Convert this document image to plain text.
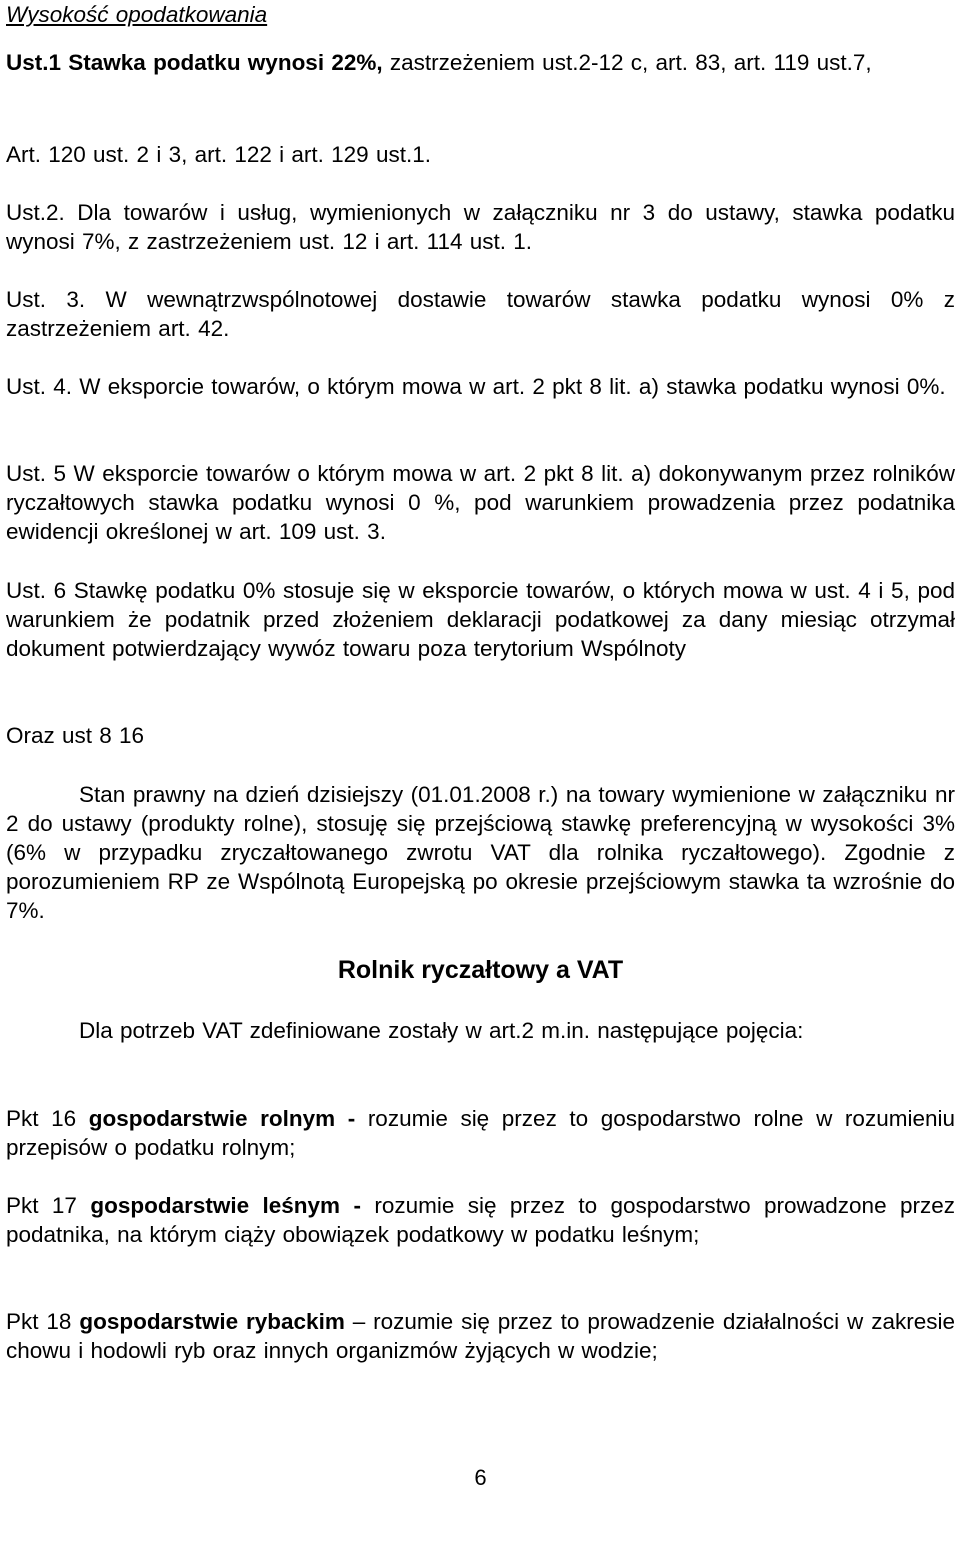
Wysokość opodatkowania

Ust.1 Stawka podatku wynosi 22%, zastrzeżeniem ust.2-12 c, art. 83, art. 119 ust.7,

Art. 120 ust. 2 i 3, art. 122 i art. 129 ust.1.

Ust.2. Dla towarów i usług, wymienionych w załączniku nr 3 do ustawy, stawka podatku wynosi 7%, z zastrzeżeniem ust. 12 i art. 114 ust. 1.

Ust. 3. W wewnątrzwspólnotowej dostawie towarów stawka podatku wynosi 0% z zastrzeżeniem art. 42.

Ust. 4. W eksporcie towarów, o którym mowa w art. 2 pkt 8 lit. a) stawka podatku wynosi 0%.

Ust. 5 W eksporcie towarów o którym mowa w art. 2 pkt 8 lit. a) dokonywanym przez rolników ryczałtowych stawka podatku wynosi 0 %, pod warunkiem prowadzenia przez podatnika ewidencji określonej w art. 109 ust. 3.

Ust. 6 Stawkę podatku 0% stosuje się w eksporcie towarów, o których mowa w ust. 4 i 5, pod warunkiem że podatnik przed złożeniem deklaracji podatkowej za dany miesiąc otrzymał dokument potwierdzający wywóz towaru poza terytorium Wspólnoty

Oraz ust 8 16

Stan prawny na dzień dzisiejszy (01.01.2008 r.) na towary wymienione w załączniku nr 2 do ustawy (produkty rolne), stosuję się przejściową stawkę preferencyjną w wysokości 3% (6% w przypadku zryczałtowanego zwrotu VAT dla rolnika ryczałtowego). Zgodnie z porozumieniem RP ze Wspólnotą Europejską po okresie przejściowym stawka ta wzrośnie do 7%.

Rolnik ryczałtowy a VAT

Dla potrzeb VAT zdefiniowane zostały w art.2 m.in. następujące pojęcia:

Pkt 16 gospodarstwie rolnym - rozumie się przez to gospodarstwo rolne w rozumieniu przepisów o podatku rolnym;

Pkt 17 gospodarstwie leśnym - rozumie się przez to gospodarstwo prowadzone przez podatnika, na którym ciąży obowiązek podatkowy w podatku leśnym;

Pkt 18 gospodarstwie rybackim – rozumie się przez to prowadzenie działalności w zakresie chowu i hodowli ryb oraz innych organizmów żyjących w wodzie;

6
